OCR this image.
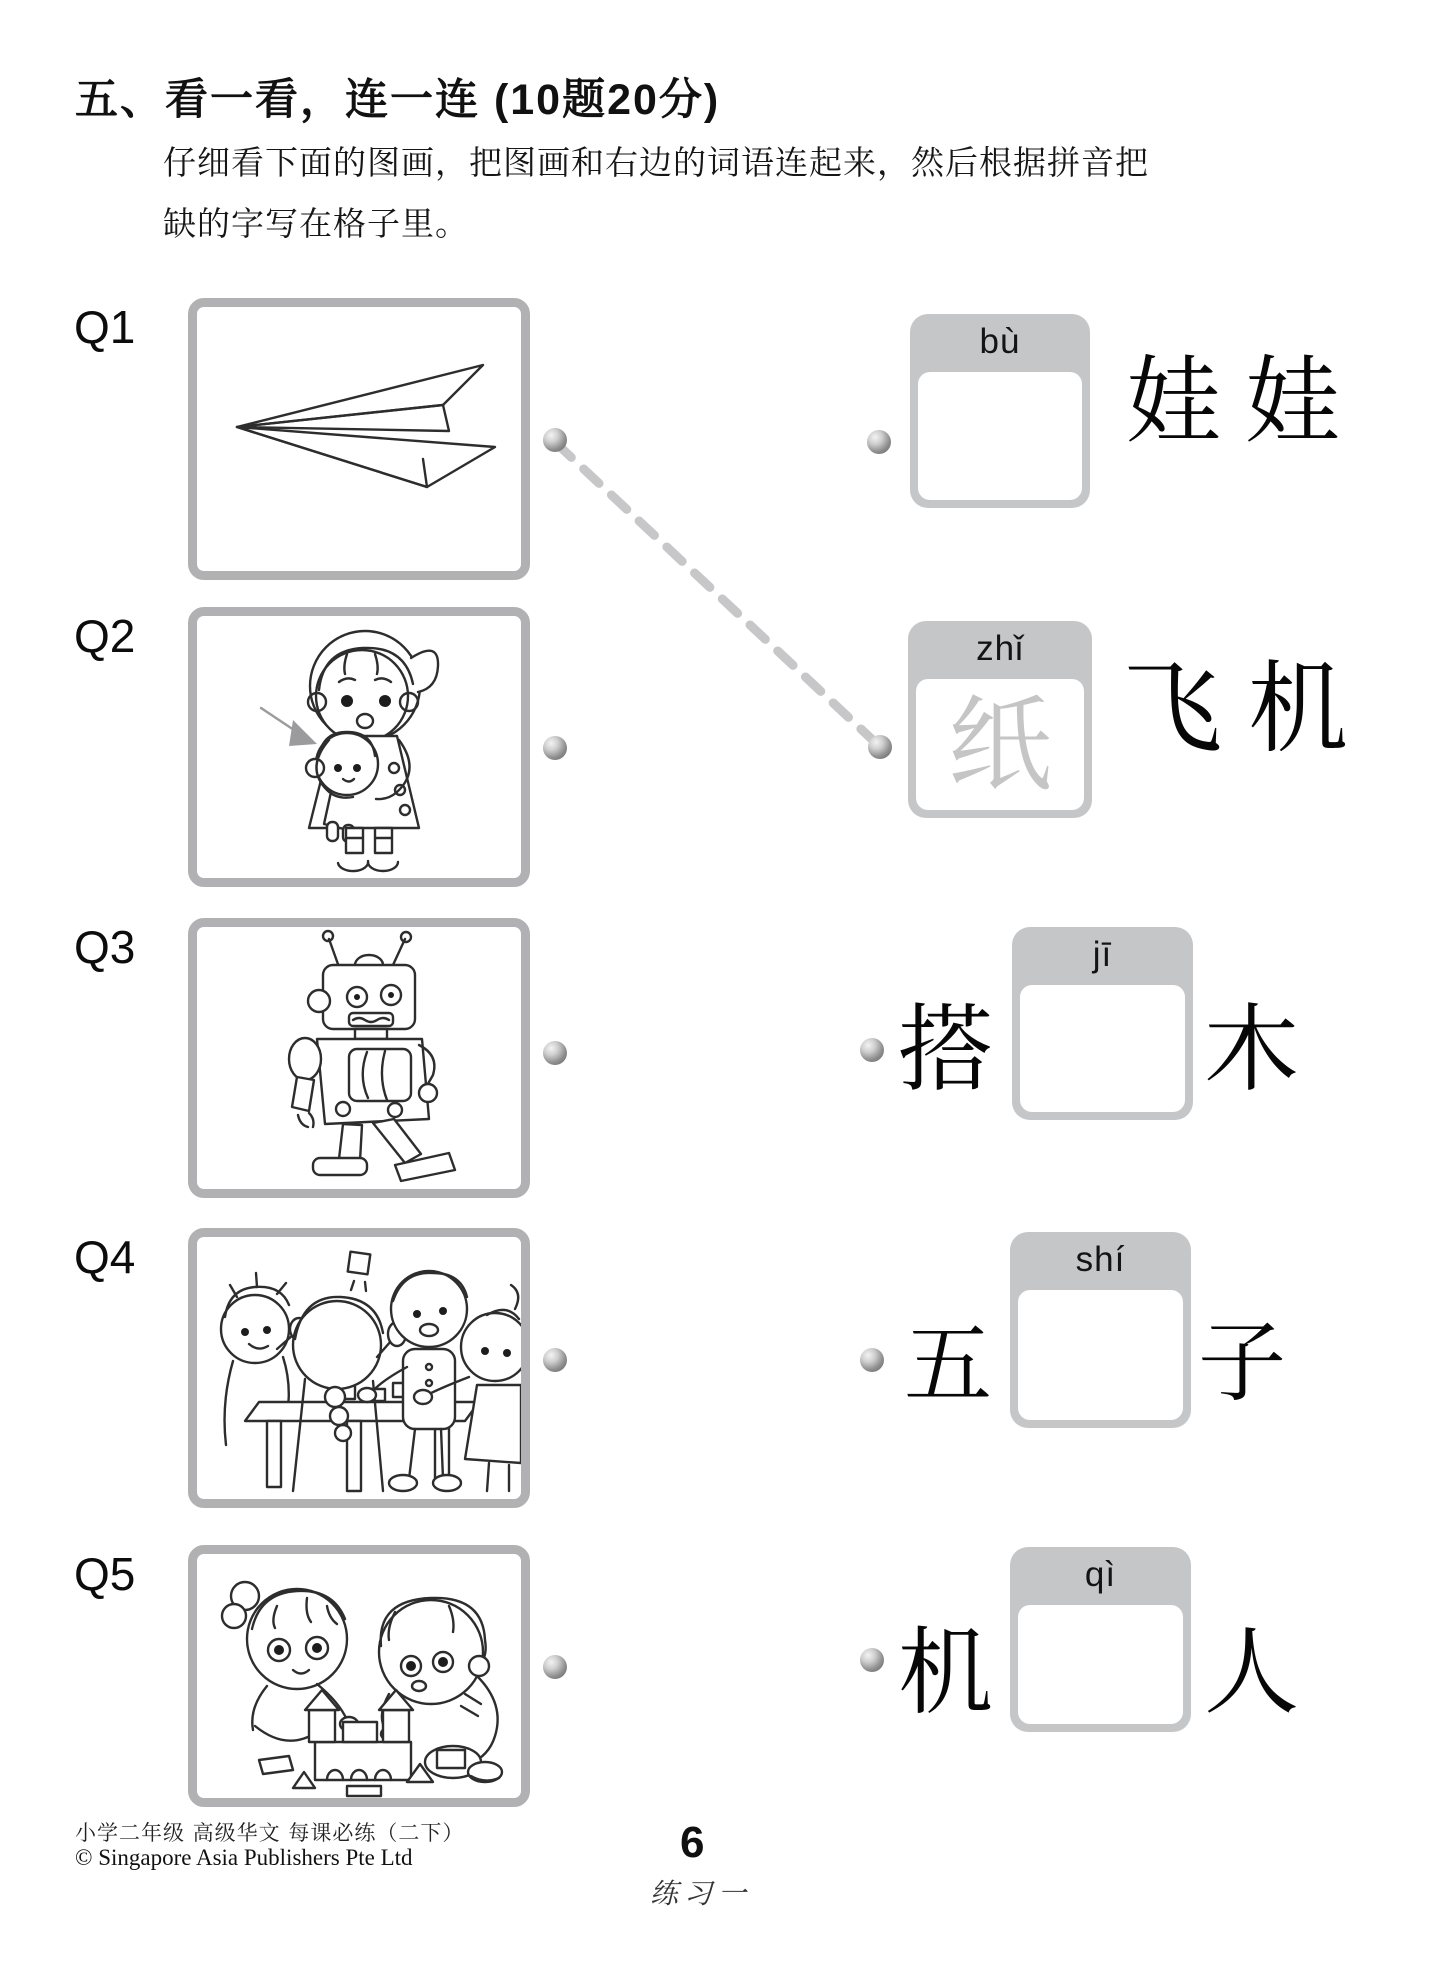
五、看一看，连一连 (10题20分)
仔细看下面的图画，把图画和右边的词语连起来，然后根据拼音把
缺的字写在格子里。
Q1	bù
娃娃
Q2	zhǐ
纸 飞机
Q3
搭
jī
木
Q4
五
shí
子
Q5
机
qì
人
小学二年级 高级华文 每课必练（二下）
© Singapore Asia Publishers Pte Ltd	6
练习一
